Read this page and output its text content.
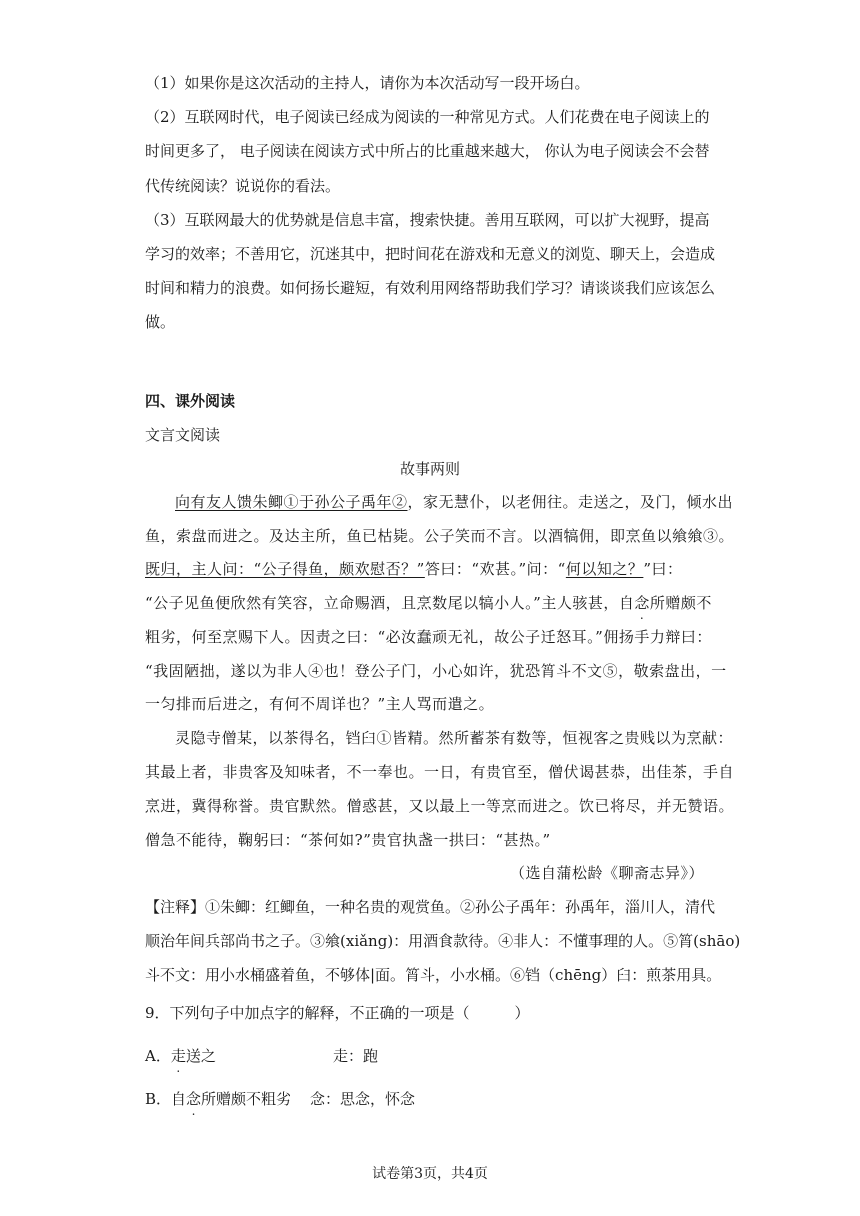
（1）如果你是这次活动的主持人，请你为本次活动写一段开场白。
（2）互联网时代，电子阅读已经成为阅读的一种常见方式。人们花费在电子阅读上的
时间更多了， 电子阅读在阅读方式中所占的比重越来越大， 你认为电子阅读会不会替
代传统阅读？说说你的看法。
（3）互联网最大的优势就是信息丰富，搜索快捷。善用互联网，可以扩大视野，提高
学习的效率；不善用它，沉迷其中，把时间花在游戏和无意义的浏览、聊天上，会造成
时间和精力的浪费。如何扬长避短，有效利用网络帮助我们学习？请谈谈我们应该怎么
做。
四、课外阅读
文言文阅读
故事两则
向有友人馈朱鲫①于孙公子禹年②，家无慧仆，以老佣往。走送之，及门，倾水出
鱼，索盘而进之。及达主所，鱼已枯毙。公子笑而不言。以酒犒佣，即烹鱼以飨飨③。
既归，主人问：“公子得鱼，颇欢慰否？”答曰：“欢甚。”问：“何以知之？”曰：
“公子见鱼便欣然有笑容，立命赐酒，且烹数尾以犒小人。”主人骇甚，自念所赠颇不
粗劣，何至烹赐下人。因责之曰：“必汝蠢顽无礼，故公子迁怒耳。”佣扬手力辩曰：
“我固陋拙，遂以为非人④也！登公子门，小心如许，犹恐筲斗不文⑤，敬索盘出，一
一匀排而后进之，有何不周详也？”主人骂而遣之。
灵隐寺僧某，以茶得名，铛臼①皆精。然所蓄茶有数等，恒视客之贵贱以为烹献：
其最上者，非贵客及知味者，不一奉也。一日，有贵官至，僧伏谒甚恭，出佳茶，手自
烹进，冀得称誉。贵官默然。僧惑甚，又以最上一等烹而进之。饮已将尽，并无赞语。
僧急不能待，鞠躬曰：“茶何如?”贵官执盏一拱曰：“甚热。”
（选自蒲松龄《聊斋志异》）
【注释】①朱鲫：红鲫鱼，一种名贵的观赏鱼。②孙公子禹年：孙禹年，淄川人，清代
顺治年间兵部尚书之子。③飨(xiǎng)：用酒食款待。④非人：不懂事理的人。⑤筲(shāo)
斗不文：用小水桶盛着鱼，不够体|面。筲斗，小水桶。⑥铛（chēng）臼：煎茶用具。
9．下列句子中加点字的解释，不正确的一项是（　　　）
A．走送之	走：跑
B．自念所赠颇不粗劣 念：思念，怀念
试卷第3页，共4页
